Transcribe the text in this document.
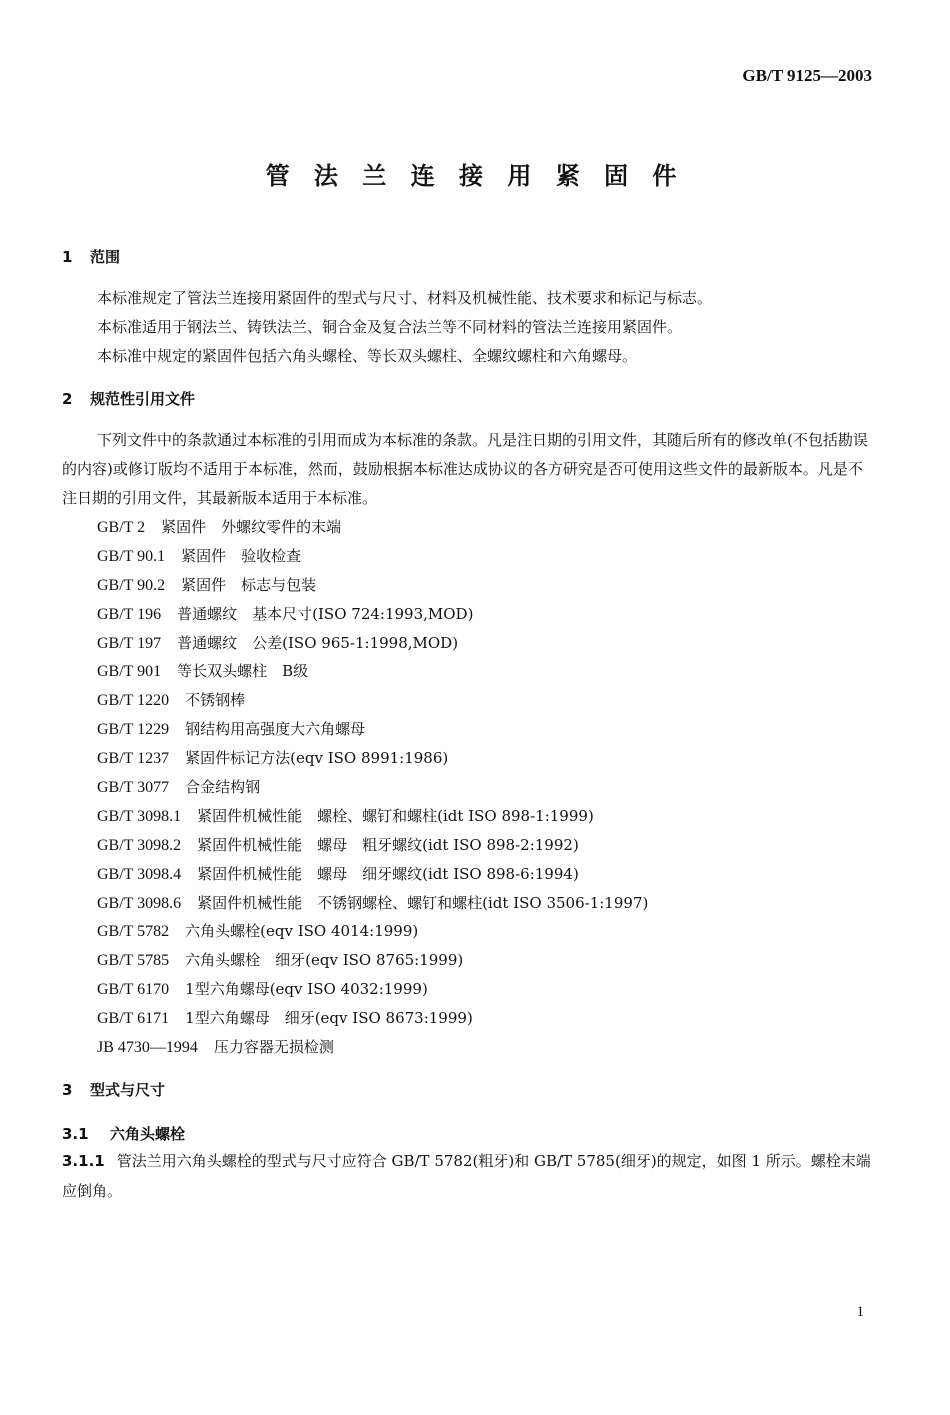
GB/T 9125—2003
管 法 兰 连 接 用 紧 固 件
1 范围
本标准规定了管法兰连接用紧固件的型式与尺寸、材料及机械性能、技术要求和标记与标志。
本标准适用于钢法兰、铸铁法兰、铜合金及复合法兰等不同材料的管法兰连接用紧固件。
本标准中规定的紧固件包括六角头螺栓、等长双头螺柱、全螺纹螺柱和六角螺母。
2 规范性引用文件
下列文件中的条款通过本标准的引用而成为本标准的条款。凡是注日期的引用文件，其随后所有的修改单(不包括勘误的内容)或修订版均不适用于本标准，然而，鼓励根据本标准达成协议的各方研究是否可使用这些文件的最新版本。凡是不注日期的引用文件，其最新版本适用于本标准。
GB/T 2 紧固件　外螺纹零件的末端
GB/T 90.1 紧固件　验收检查
GB/T 90.2 紧固件　标志与包装
GB/T 196 普通螺纹　基本尺寸(ISO 724:1993,MOD)
GB/T 197 普通螺纹　公差(ISO 965-1:1998,MOD)
GB/T 901 等长双头螺柱　B级
GB/T 1220 不锈钢棒
GB/T 1229 钢结构用高强度大六角螺母
GB/T 1237 紧固件标记方法(eqv ISO 8991:1986)
GB/T 3077 合金结构钢
GB/T 3098.1 紧固件机械性能　螺栓、螺钉和螺柱(idt ISO 898-1:1999)
GB/T 3098.2 紧固件机械性能　螺母　粗牙螺纹(idt ISO 898-2:1992)
GB/T 3098.4 紧固件机械性能　螺母　细牙螺纹(idt ISO 898-6:1994)
GB/T 3098.6 紧固件机械性能　不锈钢螺栓、螺钉和螺柱(idt ISO 3506-1:1997)
GB/T 5782 六角头螺栓(eqv ISO 4014:1999)
GB/T 5785 六角头螺栓　细牙(eqv ISO 8765:1999)
GB/T 6170 1型六角螺母(eqv ISO 4032:1999)
GB/T 6171 1型六角螺母　细牙(eqv ISO 8673:1999)
JB 4730—1994 压力容器无损检测
3 型式与尺寸
3.1 六角头螺栓
3.1.1 管法兰用六角头螺栓的型式与尺寸应符合 GB/T 5782(粗牙)和 GB/T 5785(细牙)的规定，如图 1 所示。螺栓末端应倒角。
1
